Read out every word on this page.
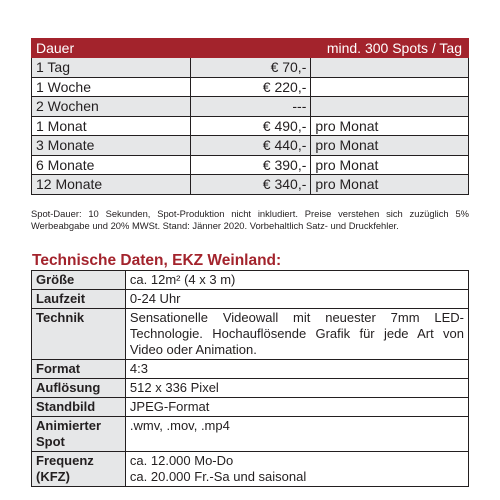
Dauer	mind. 300 Spots / Tag	
1 Tag	€ 70,-	
1 Woche	€ 220,-	
2 Wochen	---	
1 Monat	€ 490,-	pro Monat
3 Monate	€ 440,-	pro Monat
6 Monate	€ 390,-	pro Monat
12 Monate	€ 340,-	pro Monat

Spot-Dauer: 10 Sekunden, Spot-Produktion nicht inkludiert. Preise verstehen sich zuzüglich 5% Werbeabgabe und 20% MWSt. Stand: Jänner 2020. Vorbehaltlich Satz- und Druckfehler.

Technische Daten, EKZ Weinland:
Größe	ca. 12m² (4 x 3 m)
Laufzeit	0-24 Uhr
Technik	Sensationelle Videowall mit neuester 7mm LED-Technologie. Hochauflösende Grafik für jede Art von Video oder Animation.
Format	4:3
Auflösung	512 x 336 Pixel
Standbild	JPEG-Format
Animierter Spot	.wmv, .mov, .mp4
Frequenz (KFZ)	ca. 12.000 Mo-Do
ca. 20.000 Fr.-Sa und saisonal
